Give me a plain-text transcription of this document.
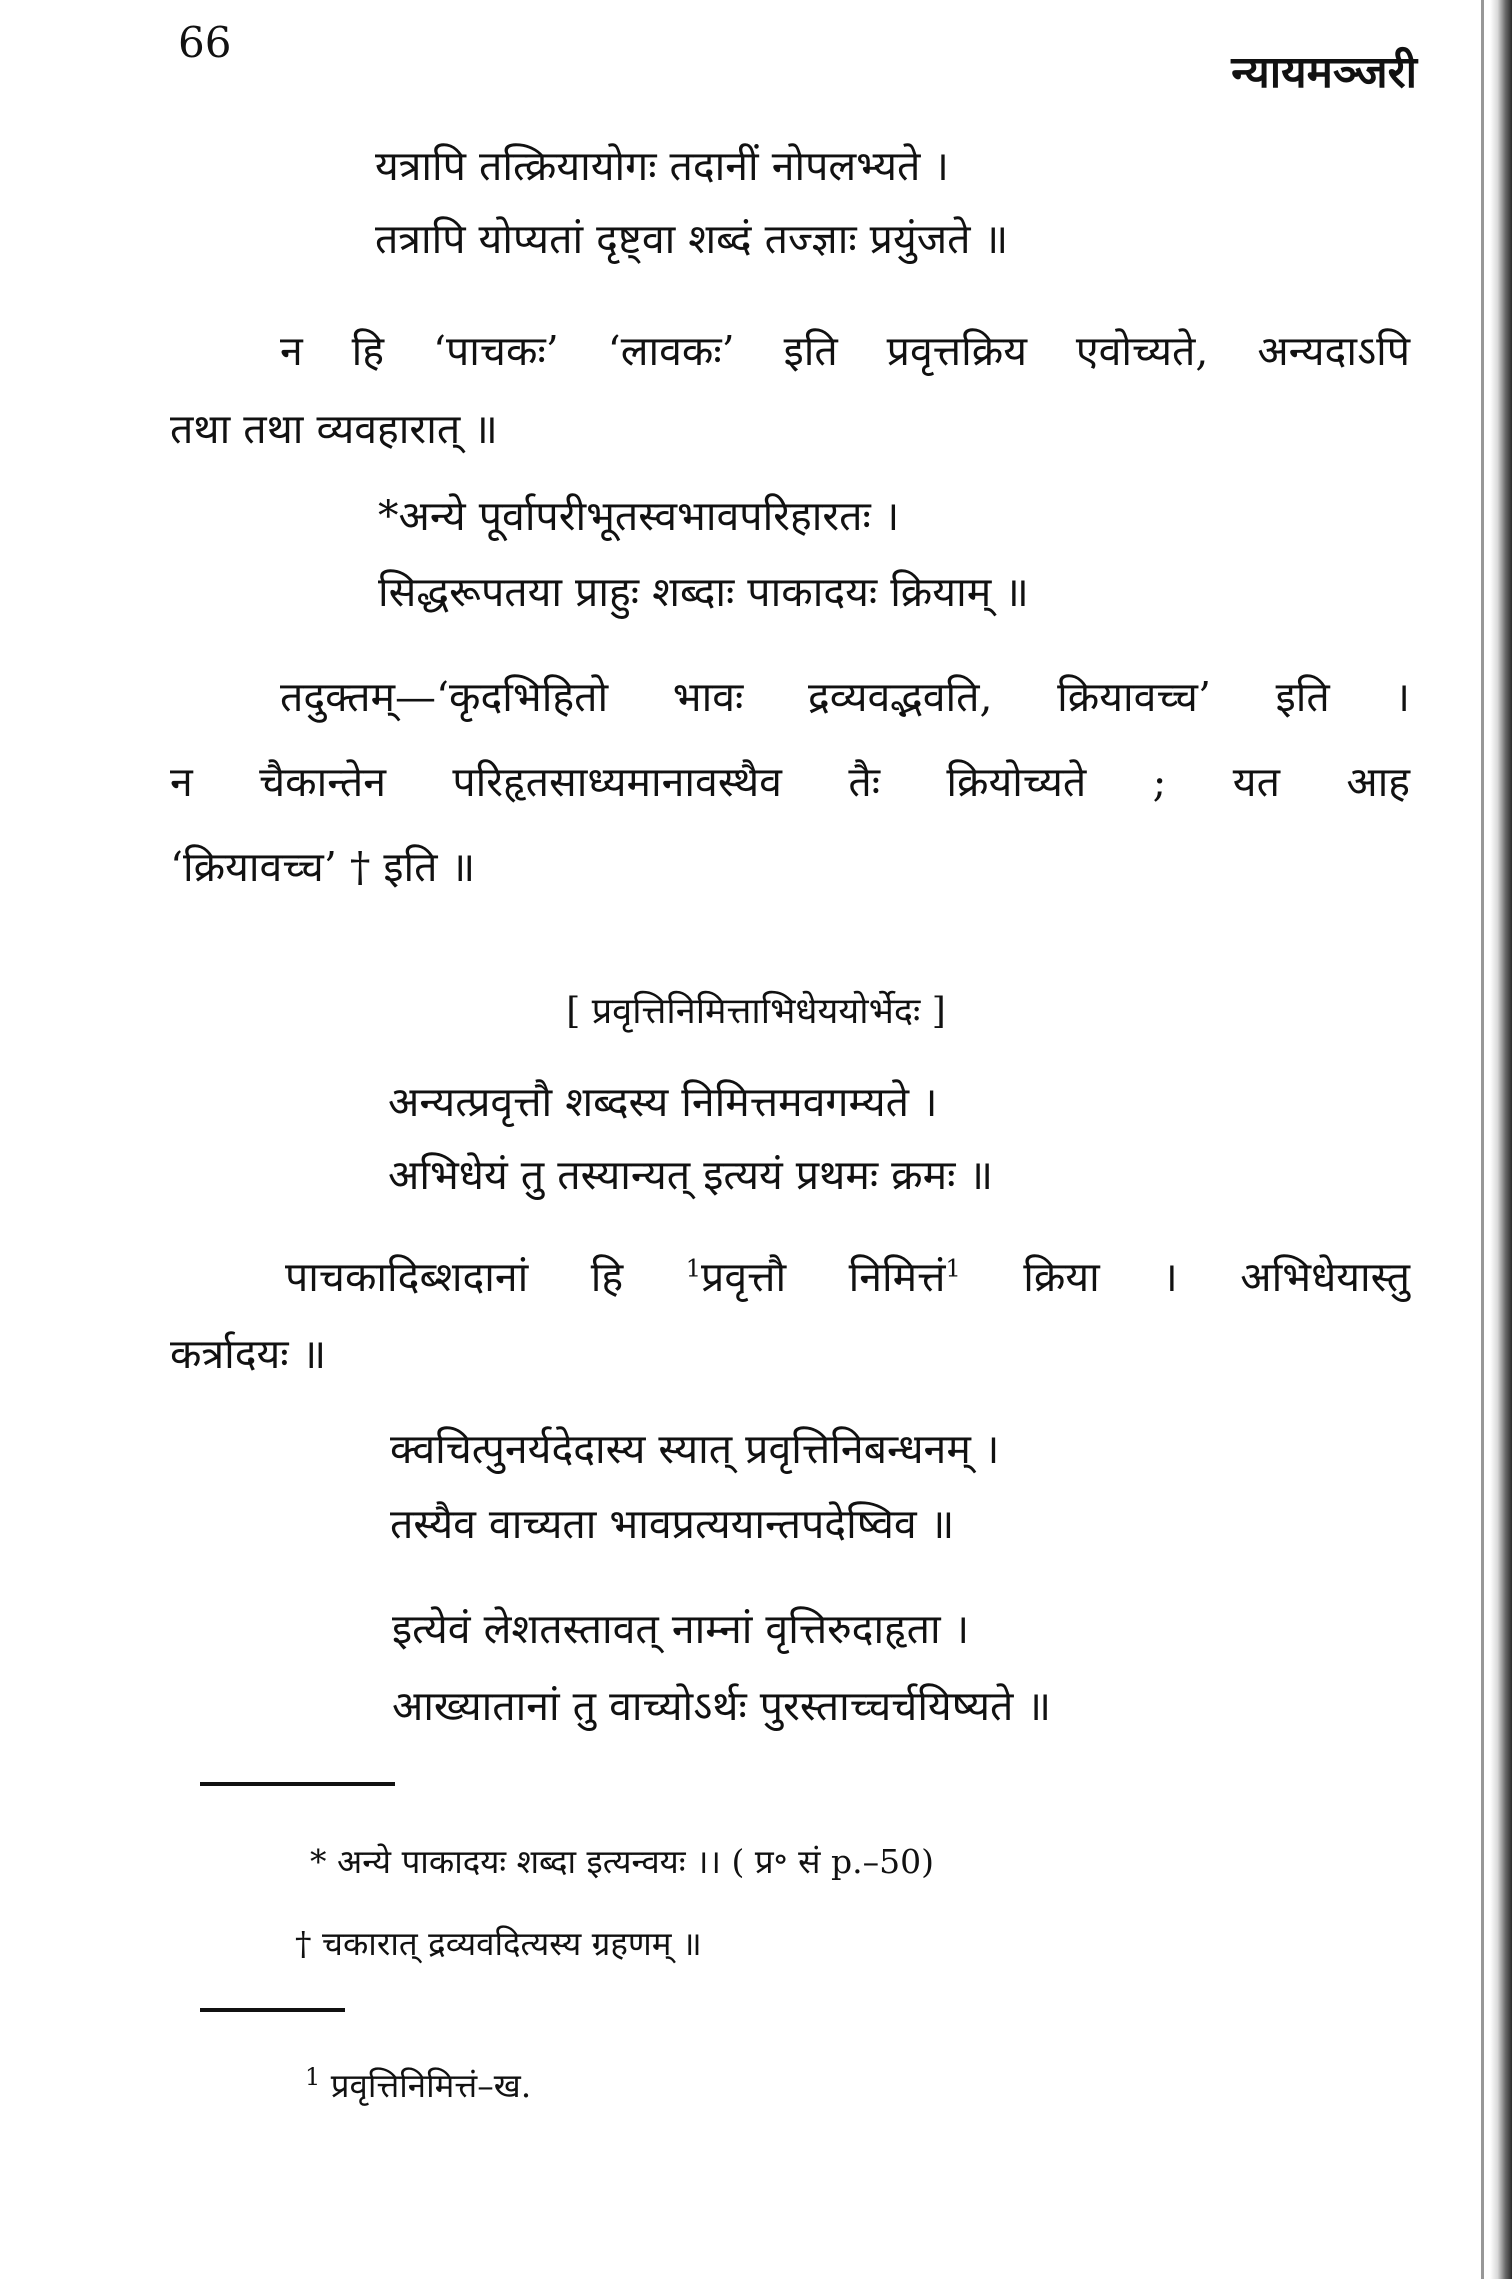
66
न्यायमञ्जरी
यत्रापि तत्क्रियायोगः तदानीं नोपलभ्यते ।
तत्रापि योप्यतां दृष्ट्वा शब्दं तज्ज्ञाः प्रयुंजते ॥
न हि ‘पाचकः’ ‘लावकः’ इति प्रवृत्तक्रिय एवोच्यते, अन्यदाऽपि
तथा तथा व्यवहारात् ॥
*अन्ये पूर्वापरीभूतस्वभावपरिहारतः ।
सिद्धरूपतया प्राहुः शब्दाः पाकादयः क्रियाम् ॥
तदुक्तम्—‘कृदभिहितो भावः द्रव्यवद्भवति, क्रियावच्च’ इति ।
न चैकान्तेन परिहृतसाध्यमानावस्थैव तैः क्रियोच्यते ; यत आह
‘क्रियावच्च’ † इति ॥
[ प्रवृत्तिनिमित्ताभिधेययोर्भेदः ]
अन्यत्प्रवृत्तौ शब्दस्य निमित्तमवगम्यते ।
अभिधेयं तु तस्यान्यत् इत्ययं प्रथमः क्रमः ॥
पाचकादिब्शदानां हि	$^1$प्रवृत्तौ निमित्तं$^1$ क्रिया । अभिधेयास्तु
कर्त्रादयः ॥
क्वचित्पुनर्यदेदास्य स्यात् प्रवृत्तिनिबन्धनम् ।
तस्यैव वाच्यता भावप्रत्ययान्तपदेष्विव ॥
इत्येवं लेशतस्तावत् नाम्नां वृत्तिरुदाहृता ।
आख्यातानां तु वाच्योऽर्थः पुरस्ताच्चर्चयिष्यते ॥
* अन्ये पाकादयः शब्दा इत्यन्वयः ।। ( प्र॰ सं p.–50)
† चकारात् द्रव्यवदित्यस्य ग्रहणम् ॥
$^1$ प्रवृत्तिनिमित्तं–ख.
